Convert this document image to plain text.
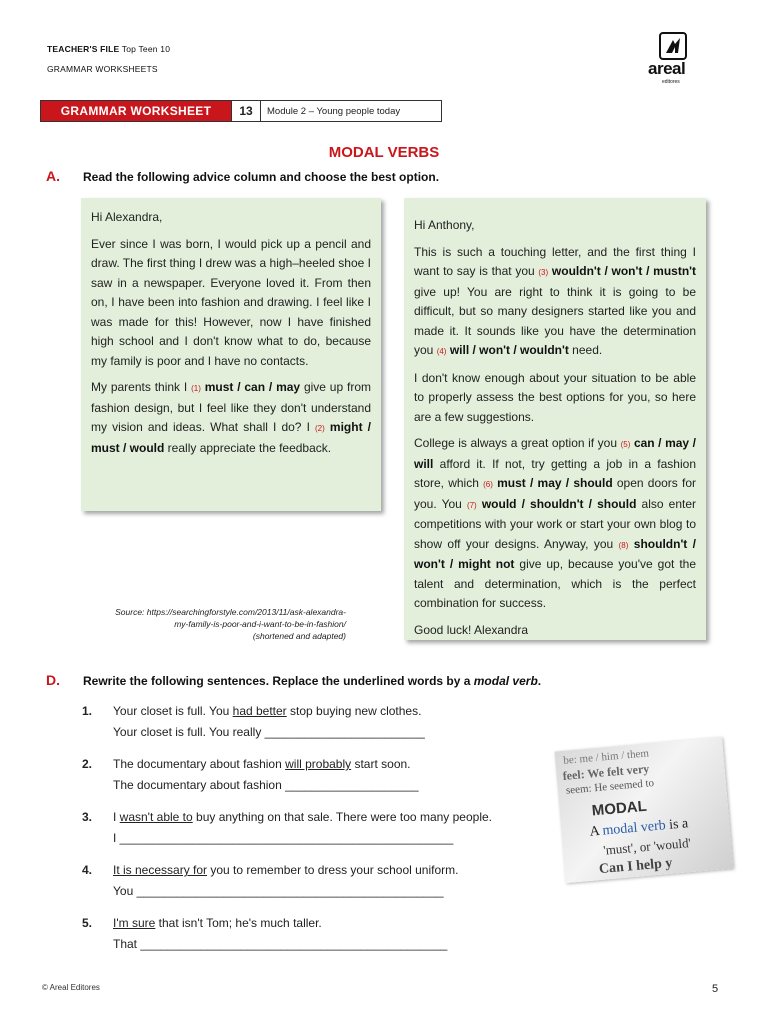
TEACHER'S FILE Top Teen 10
GRAMMAR WORKSHEETS	areal
editores
GRAMMAR WORKSHEET	13	Module 2 – Young people today
MODAL VERBS
A. Read the following advice column and choose the best option.

Hi Alexandra,

Ever since I was born, I would pick up a pencil and draw. The first thing I drew was a high–heeled shoe I saw in a newspaper. Everyone loved it. From then on, I have been into fashion and drawing. I feel like I was made for this! However, now I have finished high school and I don't know what to do, because my family is poor and I have no contacts.

My parents think I (1) must / can / may give up from fashion design, but I feel like they don't understand my vision and ideas. What shall I do? I (2) might / must / would really appreciate the feedback.

Hi Anthony,

This is such a touching letter, and the first thing I want to say is that you (3) wouldn't / won't / mustn't give up! You are right to think it is going to be difficult, but so many designers started like you and made it. It sounds like you have the determination you (4) will / won't / wouldn't need.

I don't know enough about your situation to be able to properly assess the best options for you, so here are a few suggestions.

College is always a great option if you (5) can / may / will afford it. If not, try getting a job in a fashion store, which (6) must / may / should open doors for you. You (7) would / shouldn't / should also enter competitions with your work or start your own blog to show off your designs. Anyway, you (8) shouldn't / won't / might not give up, because you've got the talent and determination, which is the perfect combination for success.

Good luck! Alexandra

Source: https://searchingforstyle.com/2013/11/ask-alexandra-
my-family-is-poor-and-i-want-to-be-in-fashion/
(shortened and adapted)
D. Rewrite the following sentences. Replace the underlined words by a modal verb.
1. Your closet is full. You had better stop buying new clothes.
Your closet is full. You really ________________________
2. The documentary about fashion will probably start soon.
The documentary about fashion ____________________
3. I wasn't able to buy anything on that sale. There were too many people.
I __________________________________________________
4. It is necessary for you to remember to dress your school uniform.
You ______________________________________________
5. I'm sure that isn't Tom; he's much taller.
That ______________________________________________
be: me / him / them
feel: We felt very
seem: He seemed to
MODAL
A modal verb is a
'must', or 'would'
Can I help y
© Areal Editores	5
